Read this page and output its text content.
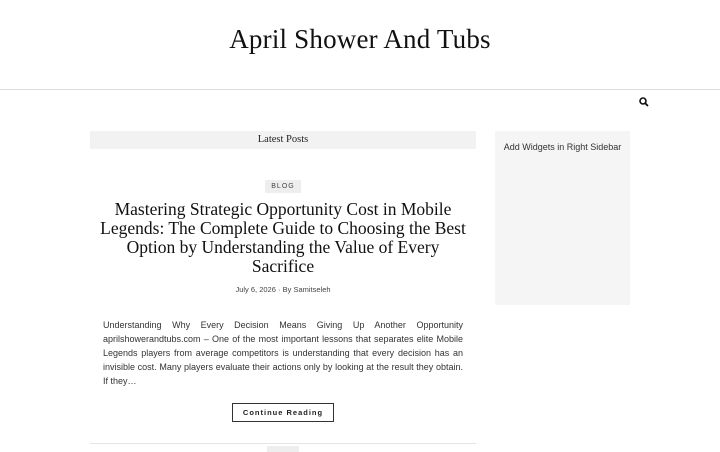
April Shower And Tubs
Latest Posts
BLOG
Mastering Strategic Opportunity Cost in Mobile Legends: The Complete Guide to Choosing the Best Option by Understanding the Value of Every Sacrifice
July 6, 2026 · By Samitseleh

Understanding Why Every Decision Means Giving Up Another Opportunity aprilshowerandtubs.com – One of the most important lessons that separates elite Mobile Legends players from average competitors is understanding that every decision has an invisible cost. Many players evaluate their actions only by looking at the result they obtain. If they…

Continue Reading
Add Widgets in Right Sidebar
